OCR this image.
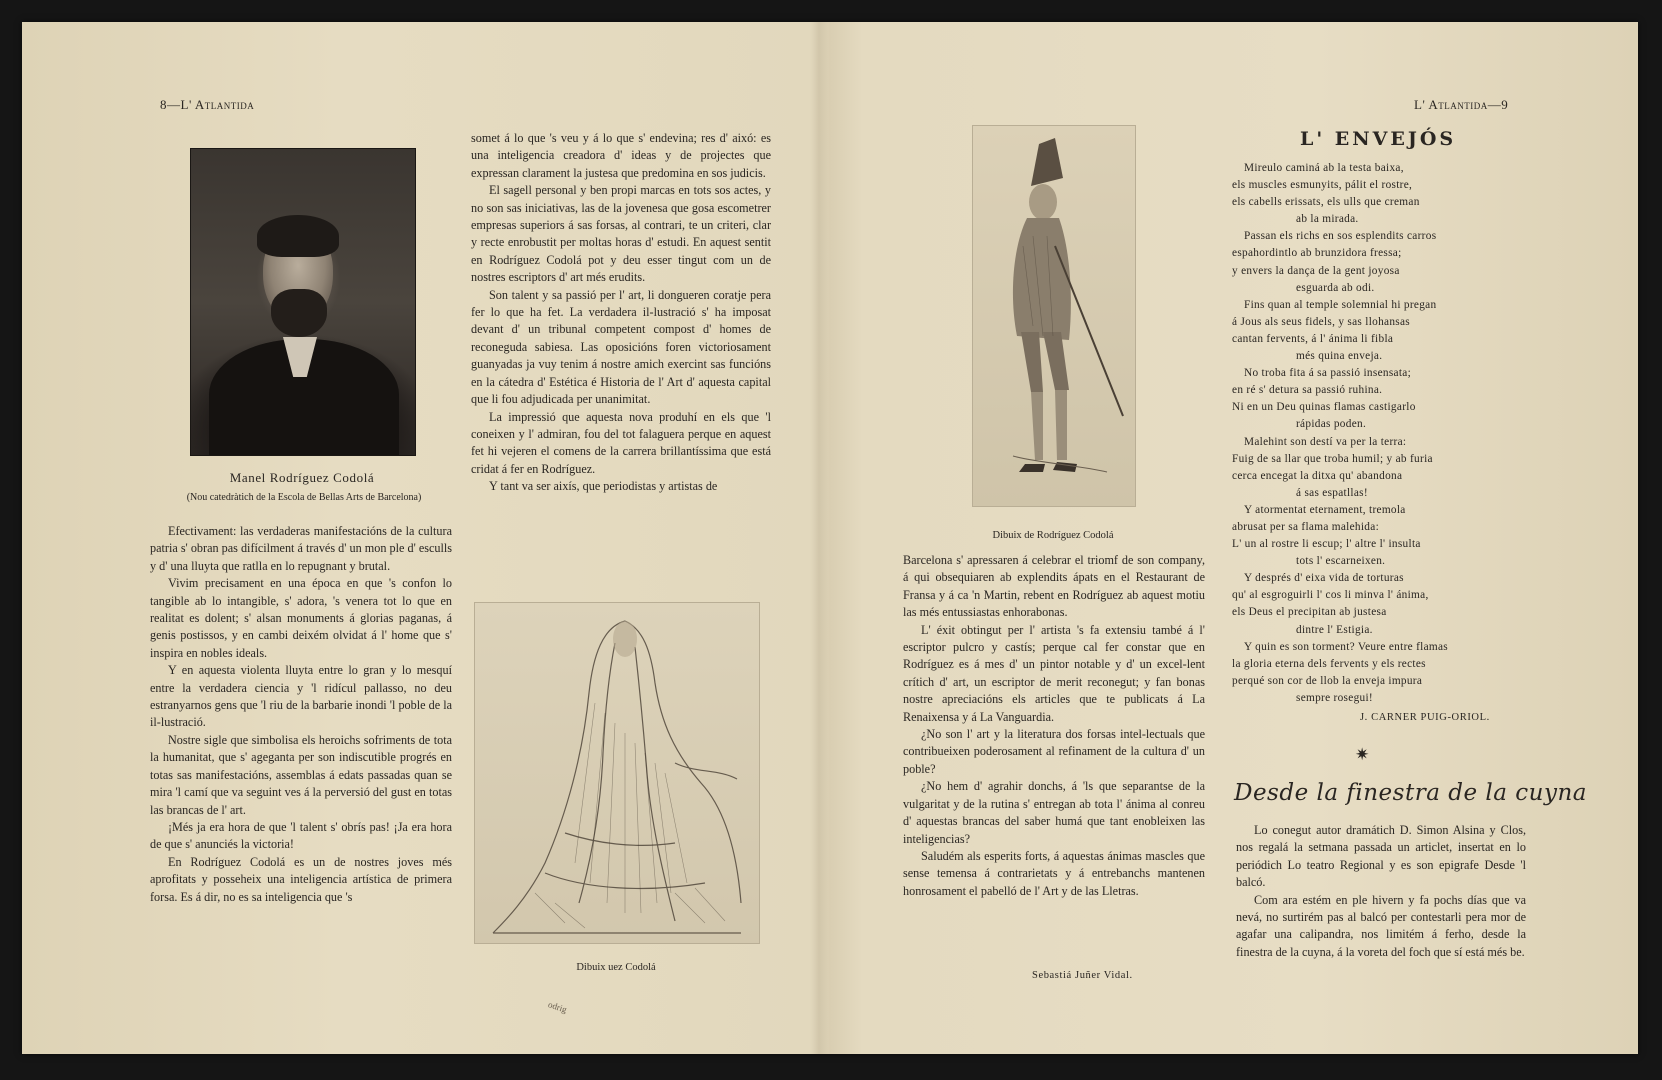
8—L' Atlantida
Manel Rodríguez Codolá
(Nou catedràtich de la Escola de Bellas Arts de Barcelona)

Efectivament: las verdaderas manifestacións de la cultura patria s' obran pas difícilment á través d' un mon ple d' esculls y d' una lluyta que ratlla en lo repugnant y brutal.

Vivim precisament en una época en que 's confon lo tangible ab lo intangible, s' adora, 's venera tot lo que en realitat es dolent; s' alsan monuments á glorias paganas, á genis postissos, y en cambi deixém olvidat á l' home que s' inspira en nobles ideals.

Y en aquesta violenta lluyta entre lo gran y lo mesquí entre la verdadera ciencia y 'l ridícul pallasso, no deu estranyarnos gens que 'l riu de la barbarie inondi 'l poble de la il-lustració.

Nostre sigle que simbolisa els heroichs sofriments de tota la humanitat, que s' ageganta per son indiscutible progrés en totas sas manifestacións, assemblas á edats passadas quan se mira 'l camí que va seguint ves á la perversió del gust en totas las brancas de l' art.

¡Més ja era hora de que 'l talent s' obrís pas! ¡Ja era hora de que s' anunciés la victoria!

En Rodríguez Codolá es un de nostres joves més aprofitats y posseheix una inteligencia artística de primera forsa. Es á dir, no es sa inteligencia que 's

somet á lo que 's veu y á lo que s' endevina; res d' aixó: es una inteligencia creadora d' ideas y de projectes que expressan clarament la justesa que predomina en sos judicis.

El sagell personal y ben propi marcas en tots sos actes, y no son sas iniciativas, las de la jovenesa que gosa escometrer empresas superiors á sas forsas, al contrari, te un criteri, clar y recte enrobustit per moltas horas d' estudi. En aquest sentit en Rodríguez Codolá pot y deu esser tingut com un de nostres escriptors d' art més erudits.

Son talent y sa passió per l' art, li dongueren coratje pera fer lo que ha fet. La verdadera il-lustració s' ha imposat devant d' un tribunal competent compost d' homes de reconeguda sabiesa. Las oposicións foren victoriosament guanyadas ja vuy tenim á nostre amich exercint sas funcións en la cátedra d' Estética é Historia de l' Art d' aquesta capital que li fou adjudicada per unanimitat.

La impressió que aquesta nova produhí en els que 'l coneixen y l' admiran, fou del tot falaguera perque en aquest fet hi vejeren el comens de la carrera brillantíssima que está cridat á fer en Rodríguez.

Y tant va ser aixís, que periodistas y artistas de

Dibuix uez Codolá
odrig
L' Atlantida—9
Dibuix de Rodríguez Codolá

Barcelona s' apressaren á celebrar el triomf de son company, á qui obsequiaren ab explendits ápats en el Restaurant de Fransa y á ca 'n Martin, rebent en Rodríguez ab aquest motiu las més entussiastas enhorabonas.

L' éxit obtingut per l' artista 's fa extensiu també á l' escriptor pulcro y castís; perque cal fer constar que en Rodríguez es á mes d' un pintor notable y d' un excel-lent crítich d' art, un escriptor de merit reconegut; y fan bonas nostre apreciacións els articles que te publicats á La Renaixensa y á La Vanguardia.

¿No son l' art y la literatura dos forsas intel-lectuals que contribueixen poderosament al refinament de la cultura d' un poble?

¿No hem d' agrahir donchs, á 'ls que separantse de la vulgaritat y de la rutina s' entregan ab tota l' ánima al conreu d' aquestas brancas del saber humá que tant enobleixen las inteligencias?

Saludém als esperits forts, á aquestas ánimas mascles que sense temensa á contrarietats y á entrebanchs mantenen honrosament el pabelló de l' Art y de las Lletras.

Sebastiá Juñer Vidal.
L' ENVEJÓS
Mireulo caminá ab la testa baixa,
els muscles esmunyits, pálit el rostre,
els cabells erissats, els ulls que creman
ab la mirada.
Passan els richs en sos esplendits carros
espahordintlo ab brunzidora fressa;
y envers la dança de la gent joyosa
esguarda ab odi.
Fins quan al temple solemnial hi pregan
á Jous als seus fidels, y sas llohansas
cantan fervents, á l' ánima li fibla
més quina enveja.
No troba fita á sa passió insensata;
en ré s' detura sa passió ruhina.
Ni en un Deu quinas flamas castigarlo
rápidas poden.
Malehint son destí va per la terra:
Fuig de sa llar que troba humil; y ab furia
cerca encegat la ditxa qu' abandona
á sas espatllas!
Y atormentat eternament, tremola
abrusat per sa flama malehida:
L' un al rostre li escup; l' altre l' insulta
tots l' escarneixen.
Y després d' eixa vida de torturas
qu' al esgroguirli l' cos li minva l' ánima,
els Deus el precipitan ab justesa
dintre l' Estigia.
Y quin es son torment? Veure entre flamas
la gloria eterna dels fervents y els rectes
perqué son cor de llob la enveja impura
sempre rosegui!
J. CARNER PUIG-ORIOL.
✷
Desde la finestra de la cuyna

Lo conegut autor dramátich D. Simon Alsina y Clos, nos regalá la setmana passada un articlet, insertat en lo periódich Lo teatro Regional y es son epigrafe Desde 'l balcó.

Com ara estém en ple hivern y fa pochs días que va nevá, no surtirém pas al balcó per contestarli pera mor de agafar una calipandra, nos limitém á ferho, desde la finestra de la cuyna, á la voreta del foch que sí está més be.
